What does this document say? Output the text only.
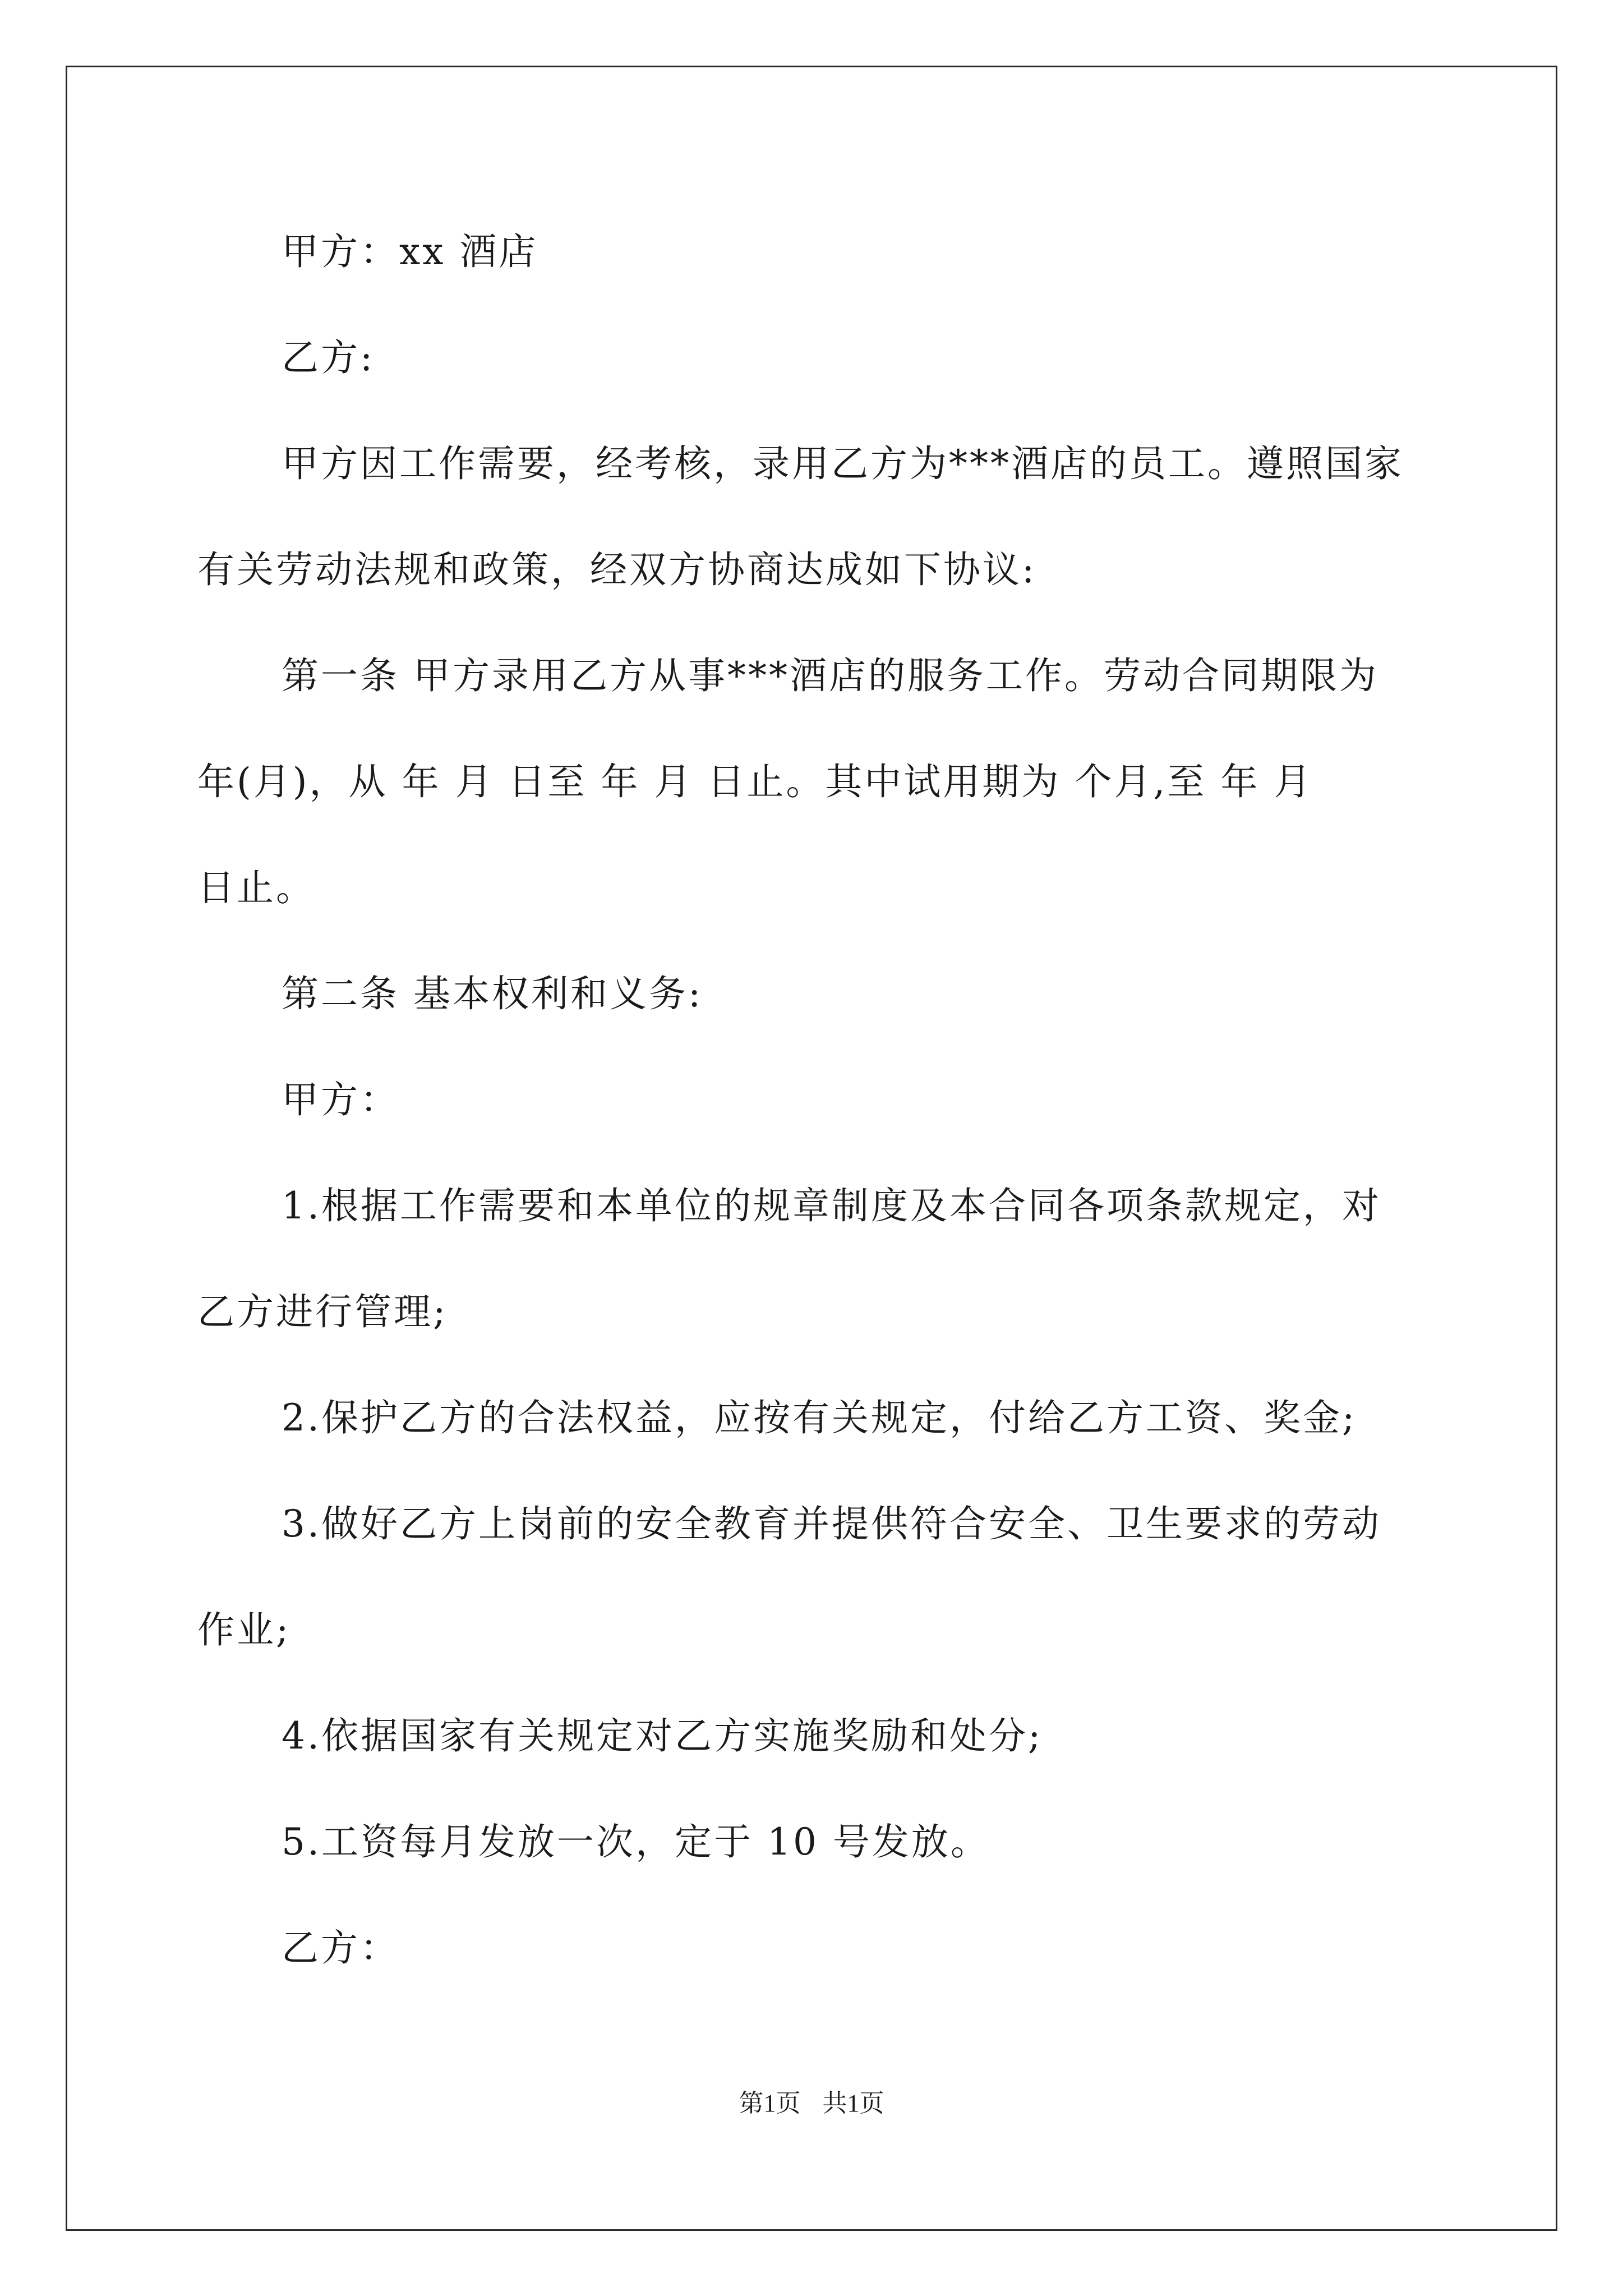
甲方：xx 酒店
乙方:
甲方因工作需要，经考核，录用乙方为***酒店的员工。遵照国家
有关劳动法规和政策，经双方协商达成如下协议:
第一条 甲方录用乙方从事***酒店的服务工作。劳动合同期限为
年(月)，从 年 月 日至 年 月 日止。其中试用期为 个月,至 年 月
日止。
第二条 基本权利和义务:
甲方：
1.根据工作需要和本单位的规章制度及本合同各项条款规定，对
乙方进行管理;
2.保护乙方的合法权益，应按有关规定，付给乙方工资、奖金;
3.做好乙方上岗前的安全教育并提供符合安全、卫生要求的劳动
作业;
4.依据国家有关规定对乙方实施奖励和处分;
5.工资每月发放一次，定于 10 号发放。
乙方：
第1页 共1页
